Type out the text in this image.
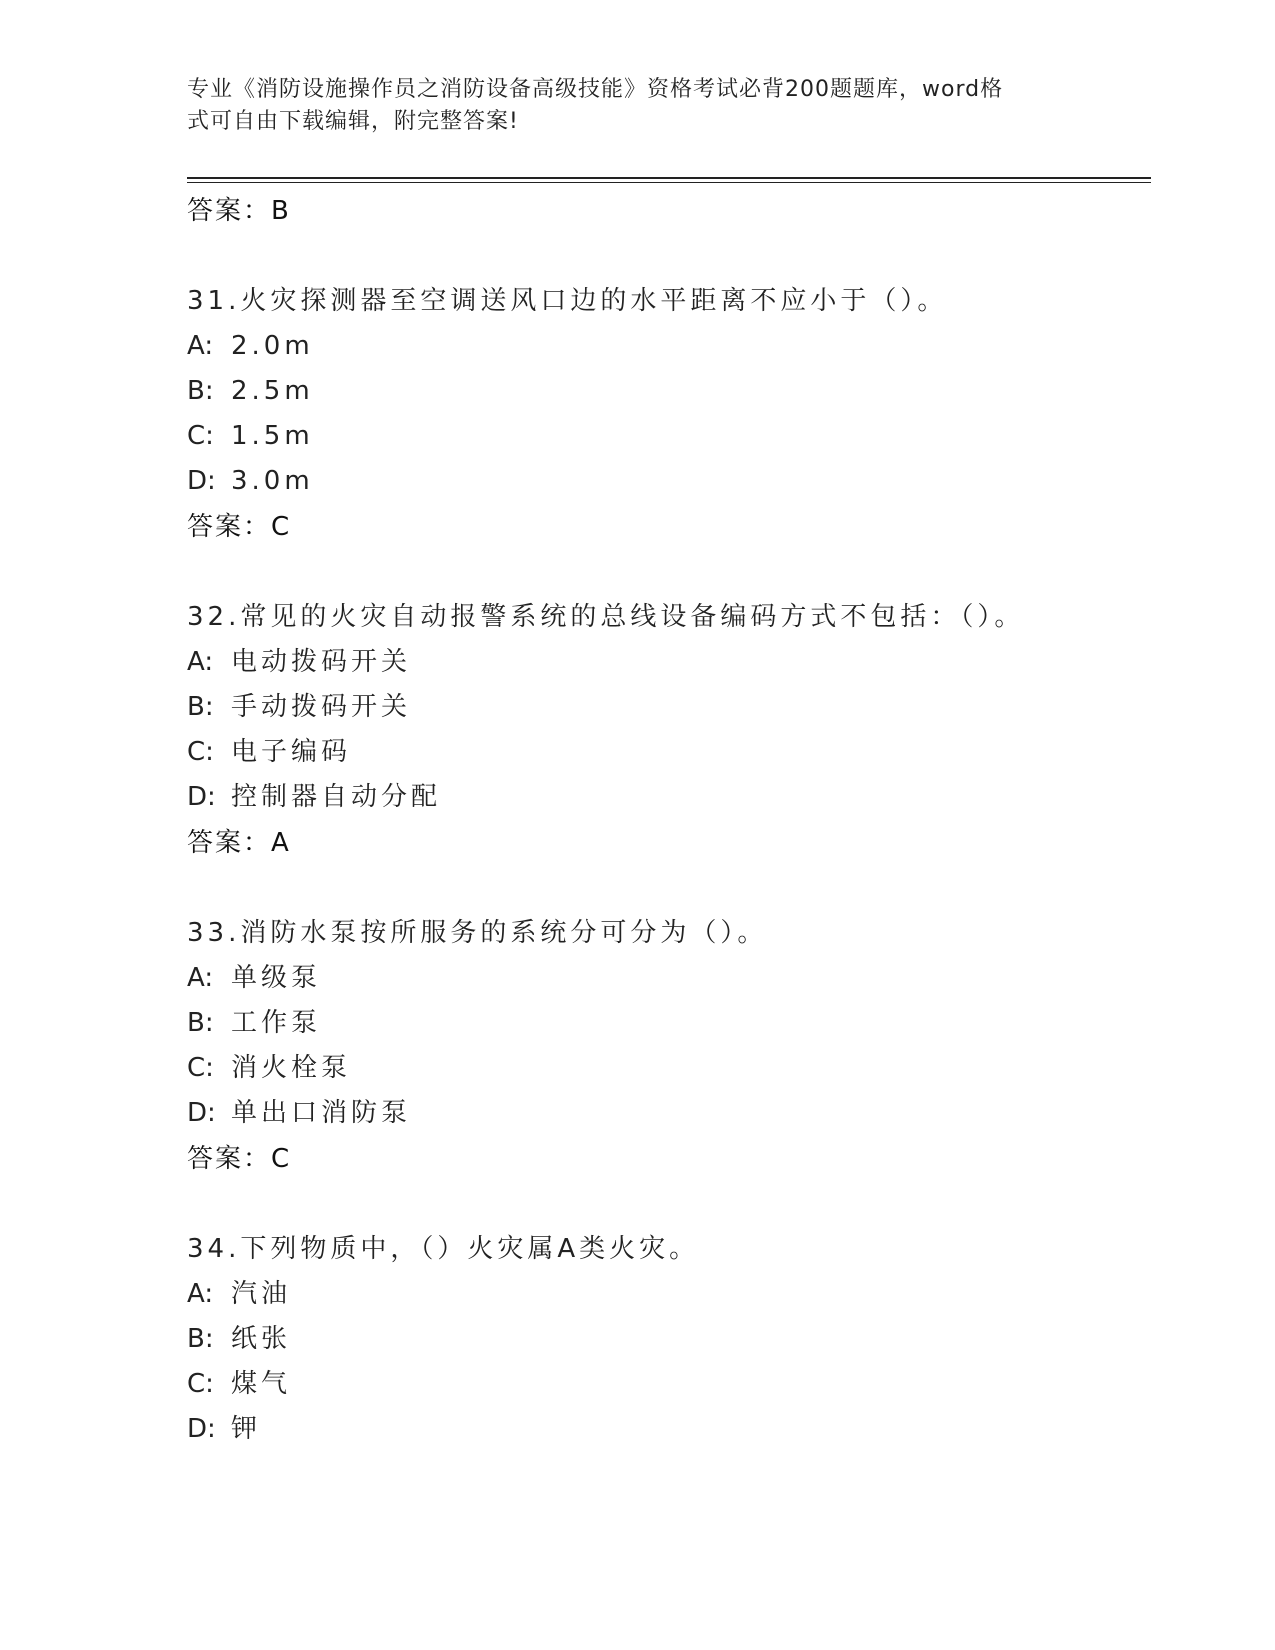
专业《消防设施操作员之消防设备高级技能》资格考试必背200题题库，word格
式可自由下载编辑，附完整答案!
答案：B
31.火灾探测器至空调送风口边的水平距离不应小于（）。
A: 2.0m
B: 2.5m
C: 1.5m
D: 3.0m
答案：C
32.常见的火灾自动报警系统的总线设备编码方式不包括：（）。
A: 电动拨码开关
B: 手动拨码开关
C: 电子编码
D: 控制器自动分配
答案：A
33.消防水泵按所服务的系统分可分为（）。
A: 单级泵
B: 工作泵
C: 消火栓泵
D: 单出口消防泵
答案：C
34.下列物质中，（）火灾属A类火灾。
A: 汽油
B: 纸张
C: 煤气
D: 钾
